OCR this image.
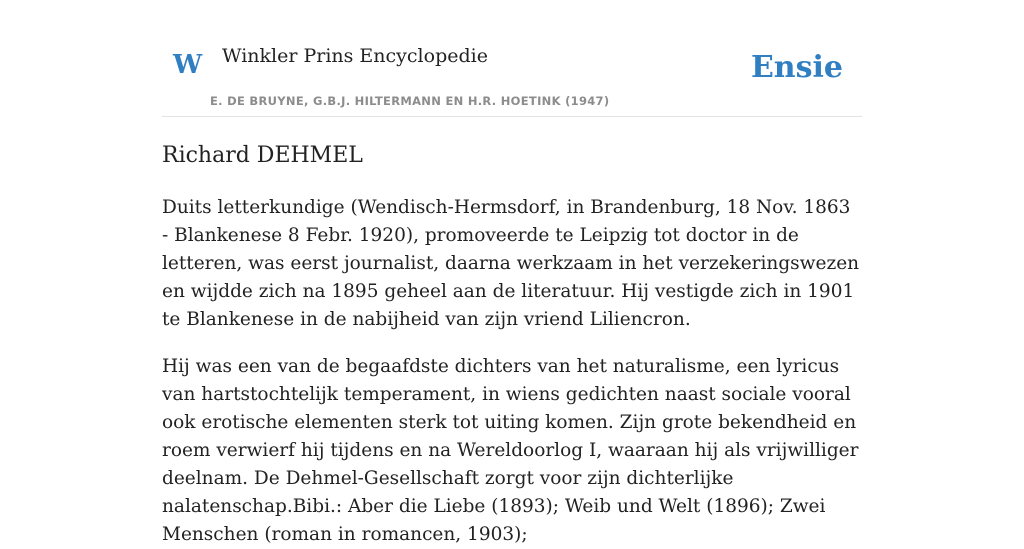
W Winkler Prins Encyclopedie
E. DE BRUYNE, G.B.J. HILTERMANN EN H.R. HOETINK (1947)
Ensie
Richard DEHMEL

Duits letterkundige (Wendisch-Hermsdorf, in Brandenburg, 18 Nov. 1863 - Blankenese 8 Febr. 1920), promoveerde te Leipzig tot doctor in de letteren, was eerst journalist, daarna werkzaam in het verzekeringswezen en wijdde zich na 1895 geheel aan de literatuur. Hij vestigde zich in 1901 te Blankenese in de nabijheid van zijn vriend Liliencron.

Hij was een van de begaafdste dichters van het naturalisme, een lyricus van hartstochtelijk temperament, in wiens gedichten naast sociale vooral ook erotische elementen sterk tot uiting komen. Zijn grote bekendheid en roem verwierf hij tijdens en na Wereldoorlog I, waaraan hij als vrijwilliger deelnam. De Dehmel-Gesellschaft zorgt voor zijn dichterlijke nalatenschap.Bibi.: Aber die Liebe (1893); Weib und Welt (1896); Zwei Menschen (roman in romancen, 1903);
